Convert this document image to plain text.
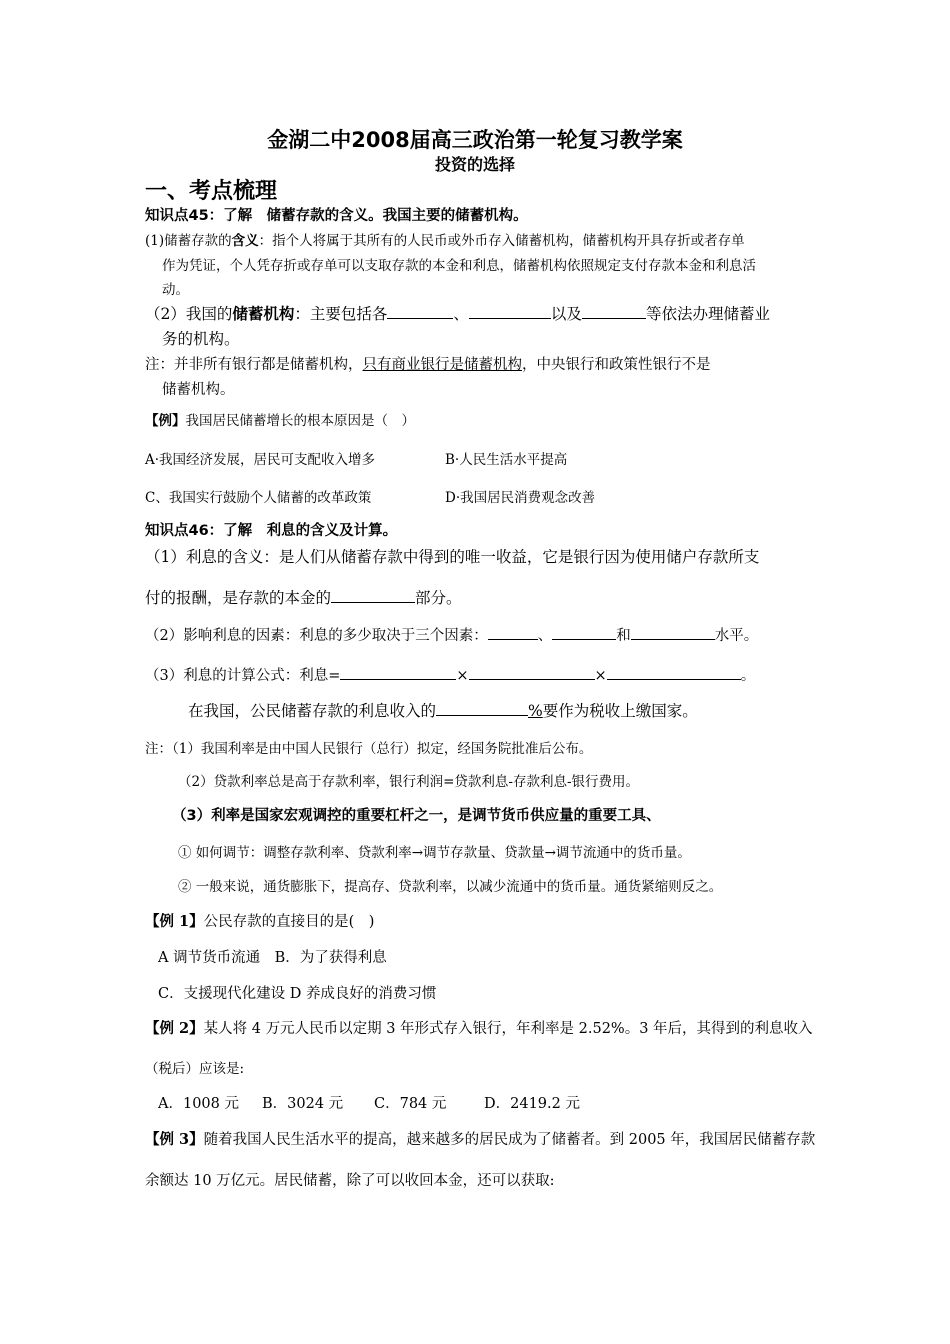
金湖二中2008届高三政治第一轮复习教学案
投资的选择
一、考点梳理
知识点45：了解　储蓄存款的含义。我国主要的储蓄机构。
(1)储蓄存款的含义：指个人将属于其所有的人民币或外币存入储蓄机构，储蓄机构开具存折或者存单
作为凭证，个人凭存折或存单可以支取存款的本金和利息，储蓄机构依照规定支付存款本金和利息活
动。
（2）我国的储蓄机构：主要包括各	、	以及	等依法办理储蓄业
务的机构。
注：并非所有银行都是储蓄机构，只有商业银行是储蓄机构，中央银行和政策性银行不是
储蓄机构。
【例】我国居民储蓄增长的根本原因是（　）
A·我国经济发展，居民可支配收入增多	B·人民生活水平提高
C、我国实行鼓励个人储蓄的改革政策	D·我国居民消费观念改善
知识点46：了解　利息的含义及计算。
（1）利息的含义：是人们从储蓄存款中得到的唯一收益，它是银行因为使用储户存款所支
付的报酬，是存款的本金的	部分。
（2）影响利息的因素：利息的多少取决于三个因素：	、	和	水平。
（3）利息的计算公式：利息=	×	×	。
在我国，公民储蓄存款的利息收入的	%要作为税收上缴国家。
注：（1）我国利率是由中国人民银行（总行）拟定，经国务院批准后公布。
（2）贷款利率总是高于存款利率，银行利润=贷款利息-存款利息-银行费用。
（3）利率是国家宏观调控的重要杠杆之一，是调节货币供应量的重要工具、
① 如何调节：调整存款利率、贷款利率→调节存款量、贷款量→调节流通中的货币量。
② 一般来说，通货膨胀下，提高存、贷款利率，以减少流通中的货币量。通货紧缩则反之。
【例 1】公民存款的直接目的是(　)
A 调节货币流通　B．为了获得利息
C．支援现代化建设 D 养成良好的消费习惯
【例 2】某人将 4 万元人民币以定期 3 年形式存入银行，年利率是 2.52%。3 年后，其得到的利息收入
（税后）应该是:
A．1008 元 B．3024 元 C．784 元	D．2419.2 元
【例 3】随着我国人民生活水平的提高，越来越多的居民成为了储蓄者。到 2005 年，我国居民储蓄存款
余额达 10 万亿元。居民储蓄，除了可以收回本金，还可以获取:
